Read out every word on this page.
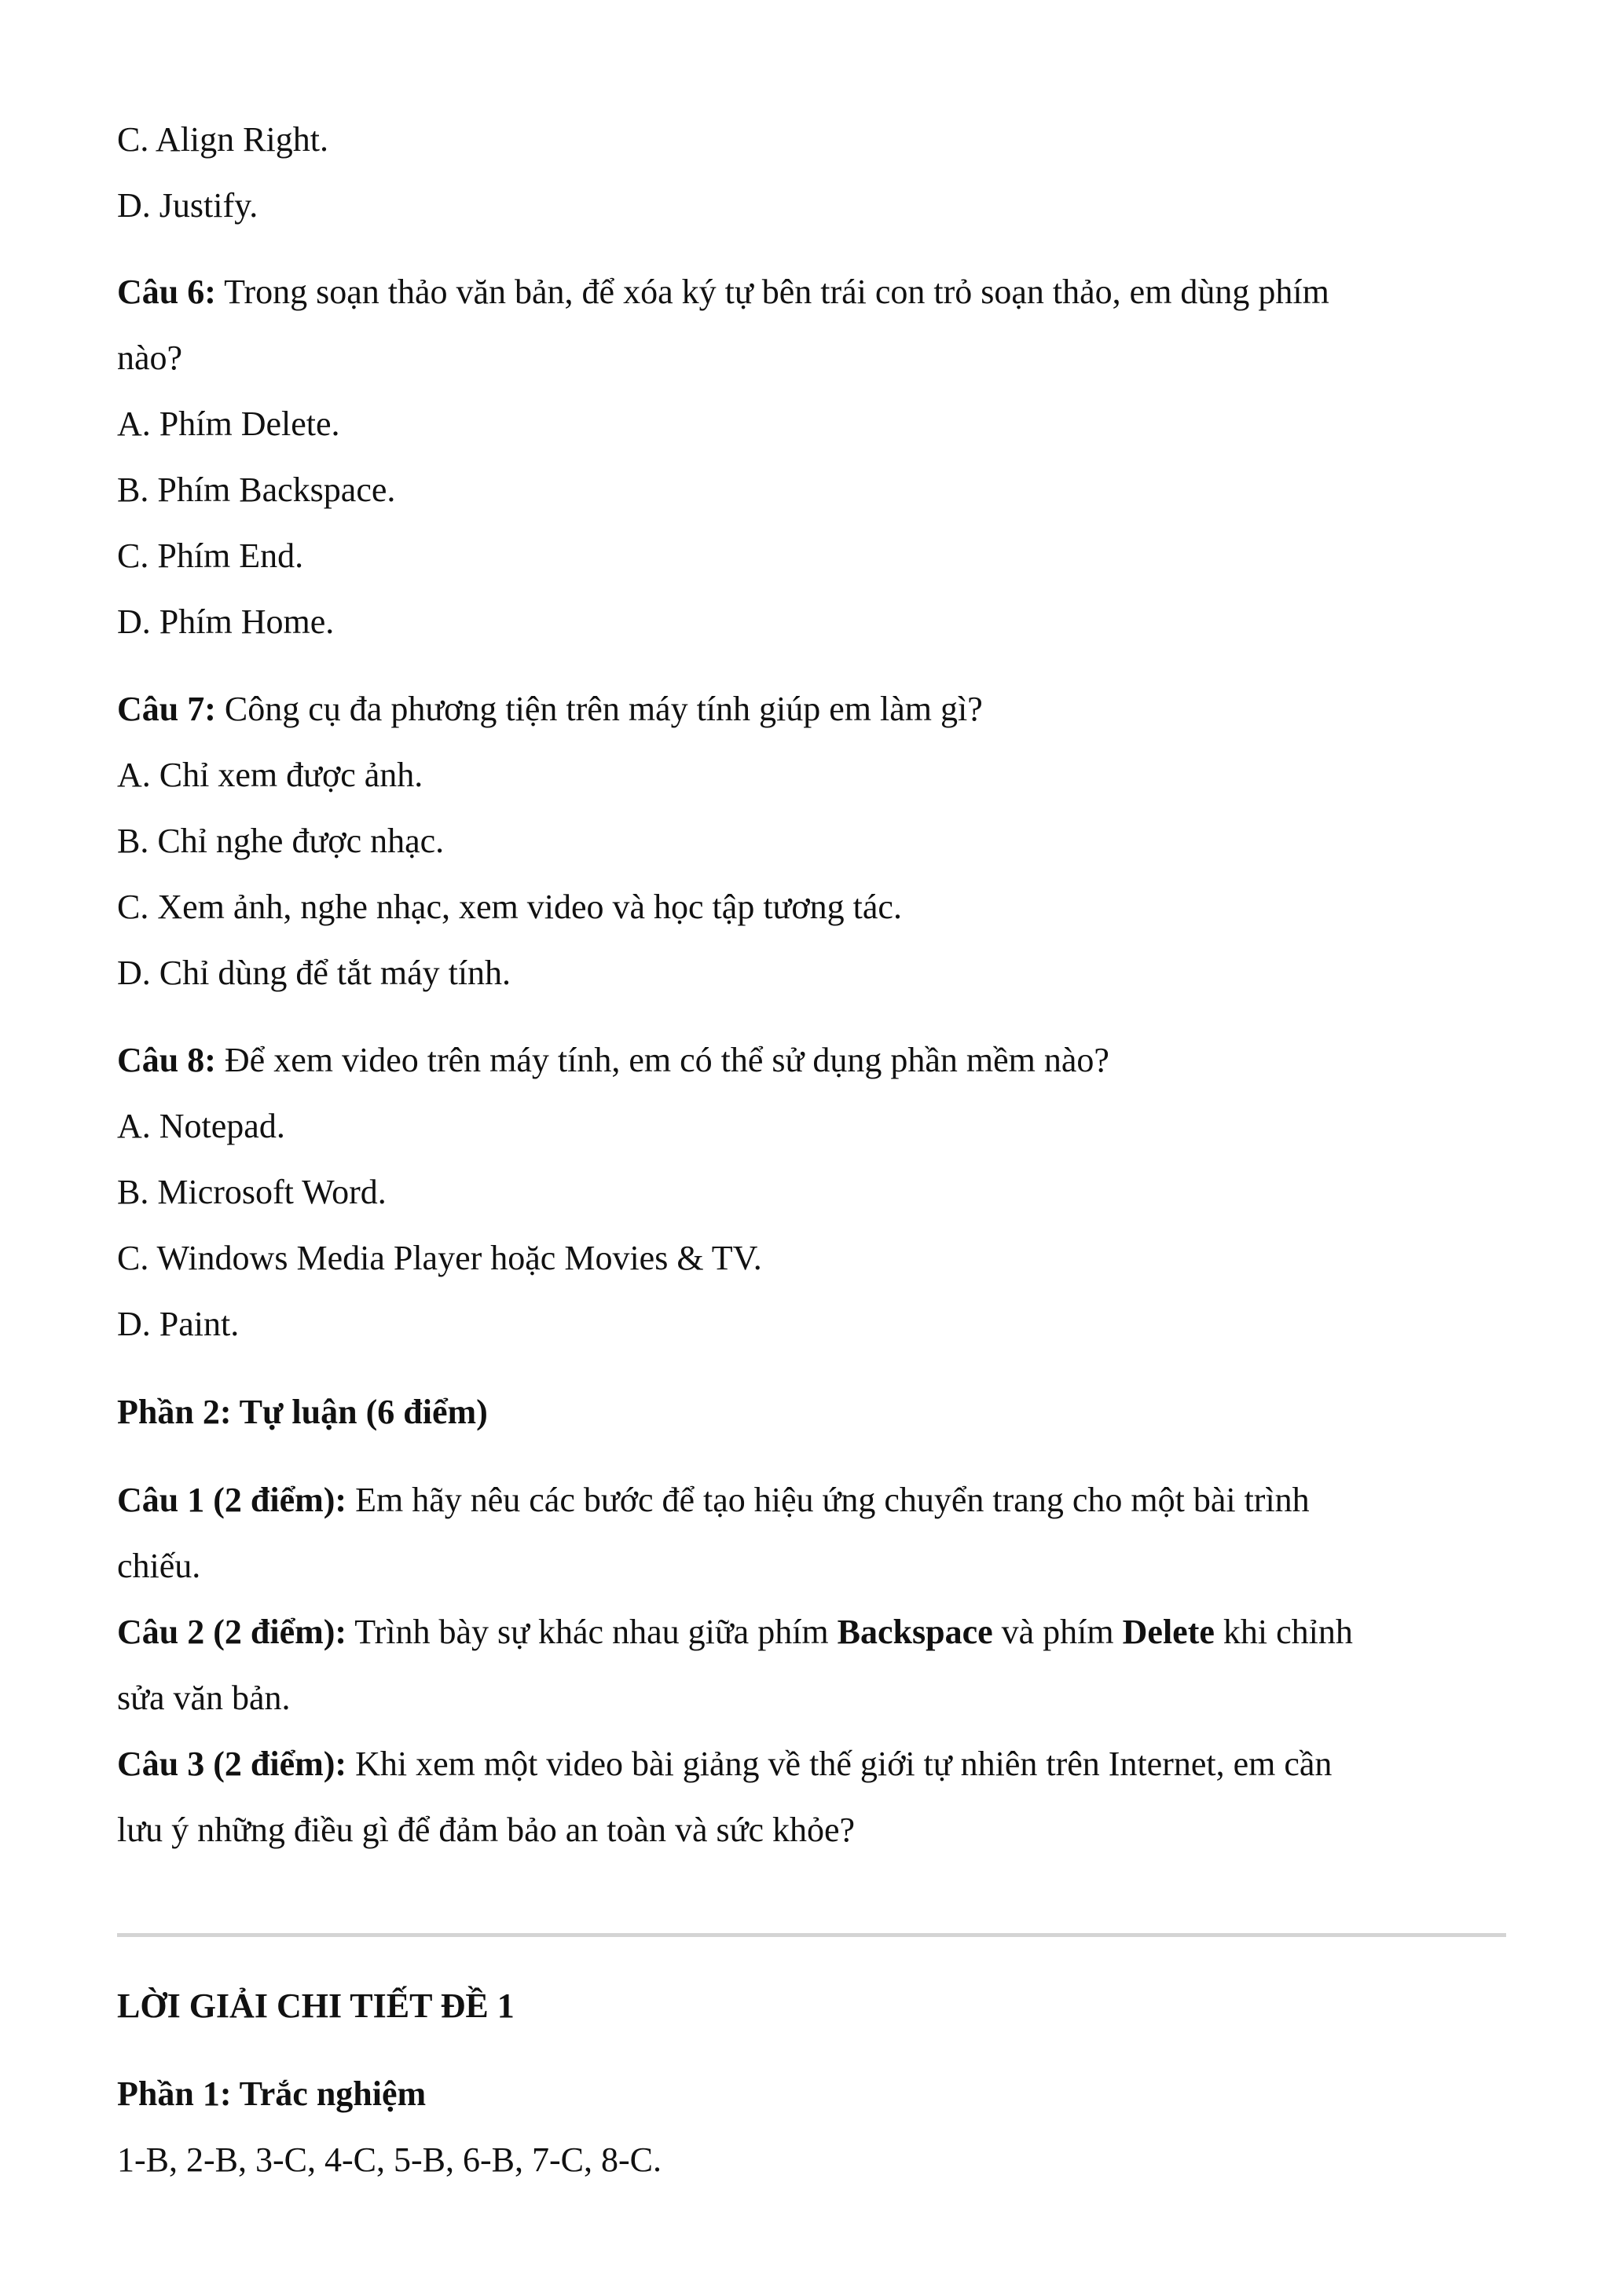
C. Align Right.

D. Justify.

Câu 6: Trong soạn thảo văn bản, để xóa ký tự bên trái con trỏ soạn thảo, em dùng phím

nào?

A. Phím Delete.

B. Phím Backspace.

C. Phím End.

D. Phím Home.

Câu 7: Công cụ đa phương tiện trên máy tính giúp em làm gì?

A. Chỉ xem được ảnh.

B. Chỉ nghe được nhạc.

C. Xem ảnh, nghe nhạc, xem video và học tập tương tác.

D. Chỉ dùng để tắt máy tính.

Câu 8: Để xem video trên máy tính, em có thể sử dụng phần mềm nào?

A. Notepad.

B. Microsoft Word.

C. Windows Media Player hoặc Movies & TV.

D. Paint.

Phần 2: Tự luận (6 điểm)

Câu 1 (2 điểm): Em hãy nêu các bước để tạo hiệu ứng chuyển trang cho một bài trình

chiếu.

Câu 2 (2 điểm): Trình bày sự khác nhau giữa phím Backspace và phím Delete khi chỉnh

sửa văn bản.

Câu 3 (2 điểm): Khi xem một video bài giảng về thế giới tự nhiên trên Internet, em cần

lưu ý những điều gì để đảm bảo an toàn và sức khỏe?

LỜI GIẢI CHI TIẾT ĐỀ 1

Phần 1: Trắc nghiệm

1-B, 2-B, 3-C, 4-C, 5-B, 6-B, 7-C, 8-C.
